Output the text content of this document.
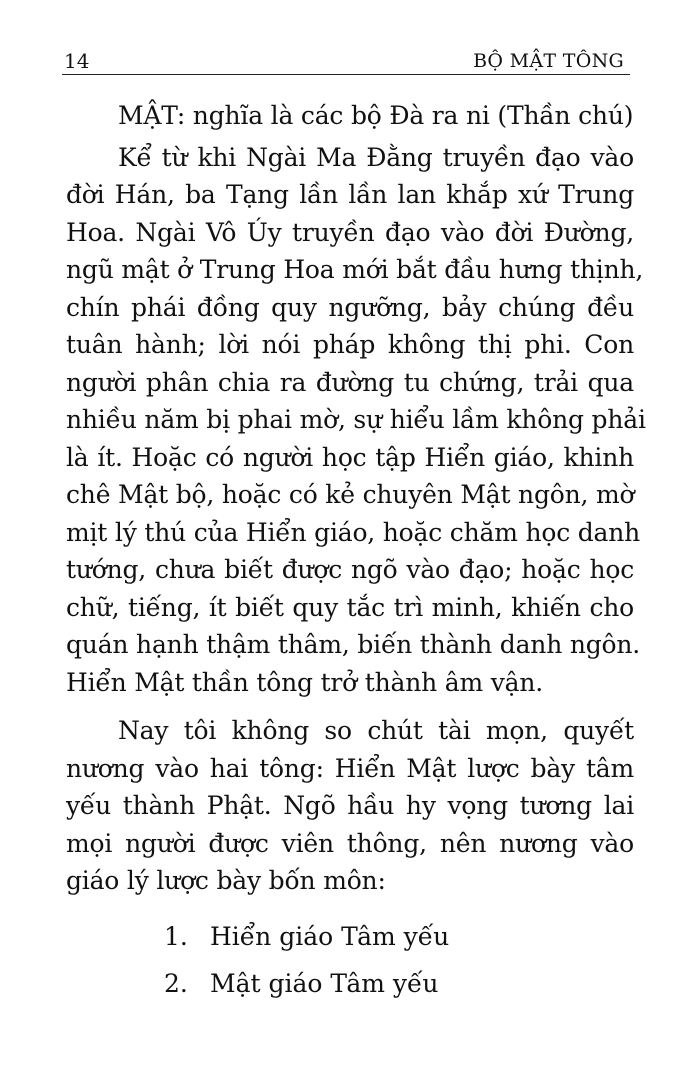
14	BỘ MẬT TÔNG
MẬT: nghĩa là các bộ Đà ra ni (Thần chú)
Kể từ khi Ngài Ma Đằng truyền đạo vào
đời Hán, ba Tạng lần lần lan khắp xứ Trung
Hoa. Ngài Vô Úy truyền đạo vào đời Đường,
ngũ mật ở Trung Hoa mới bắt đầu hưng thịnh,
chín phái đồng quy ngưỡng, bảy chúng đều
tuân hành; lời nói pháp không thị phi. Con
người phân chia ra đường tu chứng, trải qua
nhiều năm bị phai mờ, sự hiểu lầm không phải
là ít. Hoặc có người học tập Hiển giáo, khinh
chê Mật bộ, hoặc có kẻ chuyên Mật ngôn, mờ
mịt lý thú của Hiển giáo, hoặc chăm học danh
tướng, chưa biết được ngõ vào đạo; hoặc học
chữ, tiếng, ít biết quy tắc trì minh, khiến cho
quán hạnh thậm thâm, biến thành danh ngôn.
Hiển Mật thần tông trở thành âm vận.
Nay tôi không so chút tài mọn, quyết
nương vào hai tông: Hiển Mật lược bày tâm
yếu thành Phật. Ngõ hầu hy vọng tương lai
mọi người được viên thông, nên nương vào
giáo lý lược bày bốn môn:
1. Hiển giáo Tâm yếu
2. Mật giáo Tâm yếu
